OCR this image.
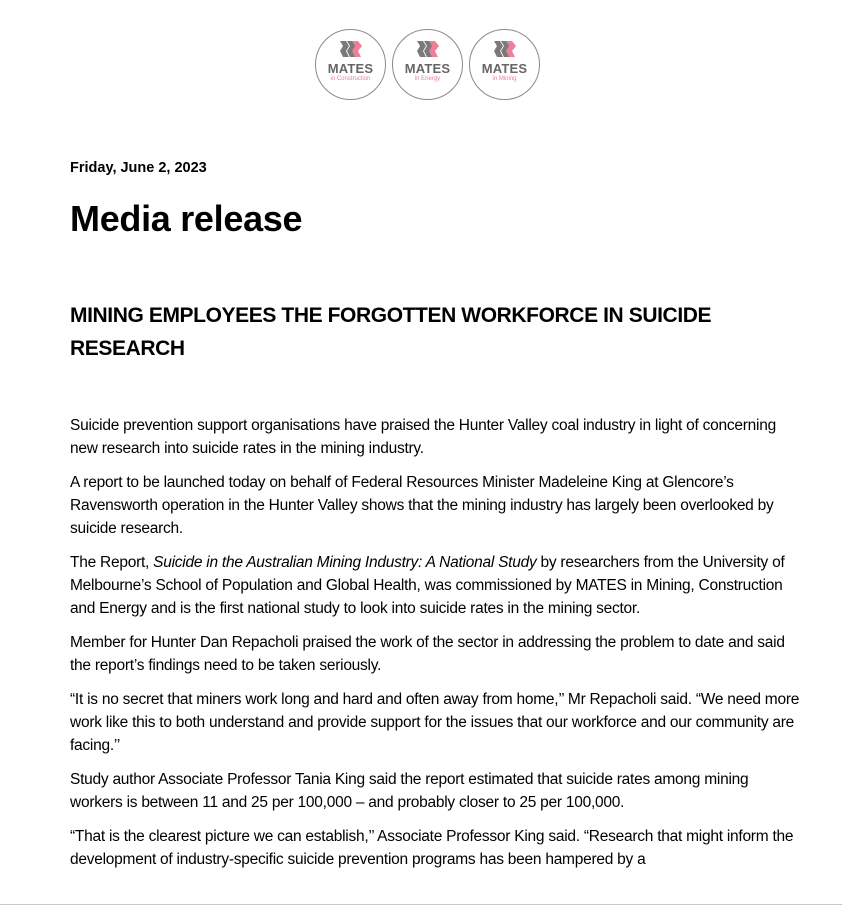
MATES
in Construction
MATES
in Energy
MATES
in Mining
Friday, June 2, 2023
Media release
MINING EMPLOYEES THE FORGOTTEN WORKFORCE IN SUICIDE RESEARCH

Suicide prevention support organisations have praised the Hunter Valley coal industry in light of concerning new research into suicide rates in the mining industry.

A report to be launched today on behalf of Federal Resources Minister Madeleine King at Glencore’s Ravensworth operation in the Hunter Valley shows that the mining industry has largely been overlooked by suicide research.

The Report, Suicide in the Australian Mining Industry: A National Study by researchers from the University of Melbourne’s School of Population and Global Health, was commissioned by MATES in Mining, Construction and Energy and is the first national study to look into suicide rates in the mining sector.

Member for Hunter Dan Repacholi praised the work of the sector in addressing the problem to date and said the report’s findings need to be taken seriously.

“It is no secret that miners work long and hard and often away from home,’’ Mr Repacholi said. “We need more work like this to both understand and provide support for the issues that our workforce and our community are facing.’’

Study author Associate Professor Tania King said the report estimated that suicide rates among mining workers is between 11 and 25 per 100,000 – and probably closer to 25 per 100,000.

“That is the clearest picture we can establish,’’ Associate Professor King said. “Research that might inform the development of industry-specific suicide prevention programs has been hampered by a
